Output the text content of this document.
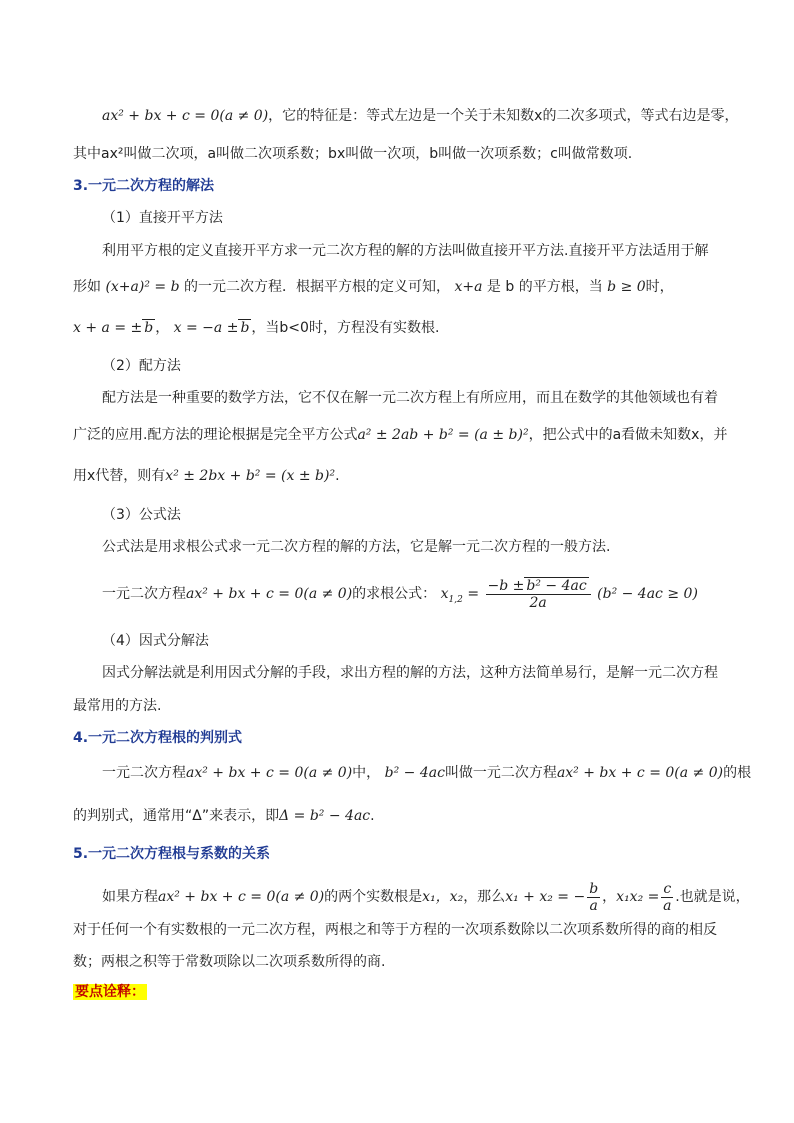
ax² + bx + c = 0(a ≠ 0)，它的特征是：等式左边是一个关于未知数x的二次多项式，等式右边是零，
其中ax²叫做二次项，a叫做二次项系数；bx叫做一次项，b叫做一次项系数；c叫做常数项.
3.一元二次方程的解法
（1）直接开平方法
利用平方根的定义直接开平方求一元二次方程的解的方法叫做直接开平方法.直接开平方法适用于解
形如 (x+a)² = b 的一元二次方程．根据平方根的定义可知， x+a 是 b 的平方根，当 b ≥ 0时，
x + a = ± b ， x = −a ± b ，当b<0时，方程没有实数根.
（2）配方法
配方法是一种重要的数学方法，它不仅在解一元二次方程上有所应用，而且在数学的其他领域也有着
广泛的应用.配方法的理论根据是完全平方公式a² ± 2ab + b² = (a ± b)²，把公式中的a看做未知数x，并
用x代替，则有x² ± 2bx + b² = (x ± b)².
（3）公式法
公式法是用求根公式求一元二次方程的解的方法，它是解一元二次方程的一般方法.
一元二次方程ax² + bx + c = 0(a ≠ 0)的求根公式： $x_{1,2} = \frac{\text{−b ± b² − 4ac}}{2a} (b^2 - 4ac \ge 0)$
（4）因式分解法
因式分解法就是利用因式分解的手段，求出方程的解的方法，这种方法简单易行，是解一元二次方程
最常用的方法.
4.一元二次方程根的判别式
一元二次方程ax² + bx + c = 0(a ≠ 0)中， b² − 4ac叫做一元二次方程ax² + bx + c = 0(a ≠ 0)的根
的判别式，通常用“Δ”来表示，即Δ = b² − 4ac.
5.一元二次方程根与系数的关系
如果方程ax² + bx + c = 0(a ≠ 0)的两个实数根是x₁，x₂，那么x₁ + x₂ = − $\frac{b}{a}$ ，$x_1x_2 = \frac{c}{a}$ .也就是说，
对于任何一个有实数根的一元二次方程，两根之和等于方程的一次项系数除以二次项系数所得的商的相反
数；两根之积等于常数项除以二次项系数所得的商.
要点诠释：
